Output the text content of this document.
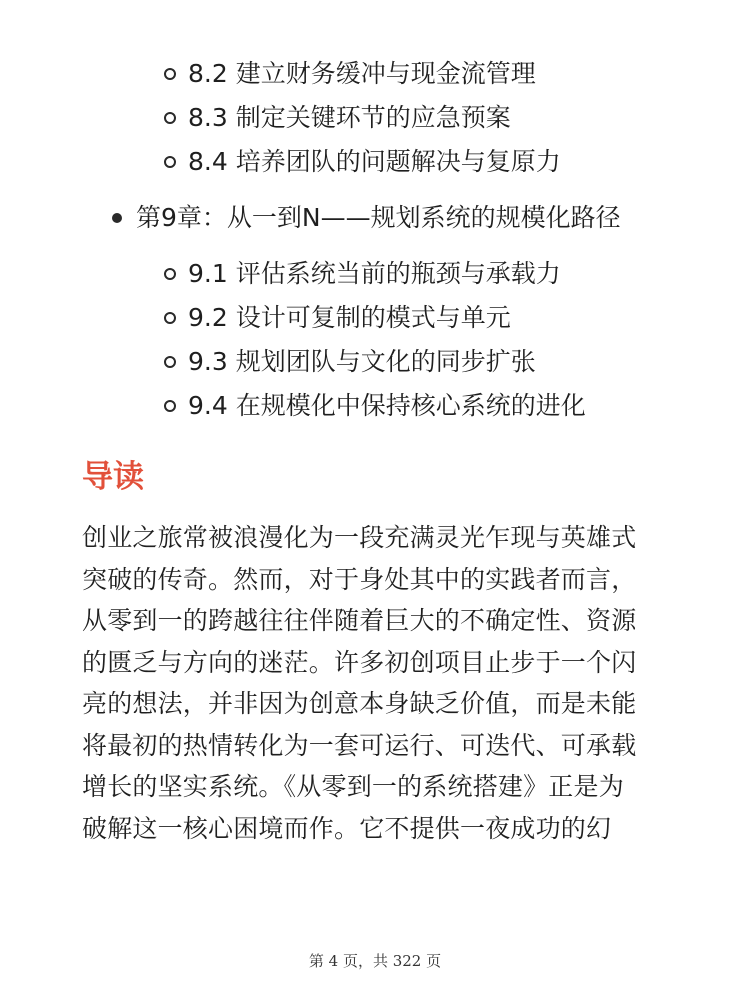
8.2 建立财务缓冲与现金流管理
8.3 制定关键环节的应急预案
8.4 培养团队的问题解决与复原力
第9章：从一到N——规划系统的规模化路径
9.1 评估系统当前的瓶颈与承载力
9.2 设计可复制的模式与单元
9.3 规划团队与文化的同步扩张
9.4 在规模化中保持核心系统的进化
导读
创业之旅常被浪漫化为一段充满灵光乍现与英雄式
突破的传奇。然而，对于身处其中的实践者而言，
从零到一的跨越往往伴随着巨大的不确定性、资源
的匮乏与方向的迷茫。许多初创项目止步于一个闪
亮的想法，并非因为创意本身缺乏价值，而是未能
将最初的热情转化为一套可运行、可迭代、可承载
增长的坚实系统。《从零到一的系统搭建》正是为
破解这一核心困境而作。它不提供一夜成功的幻
第 4 页，共 322 页
